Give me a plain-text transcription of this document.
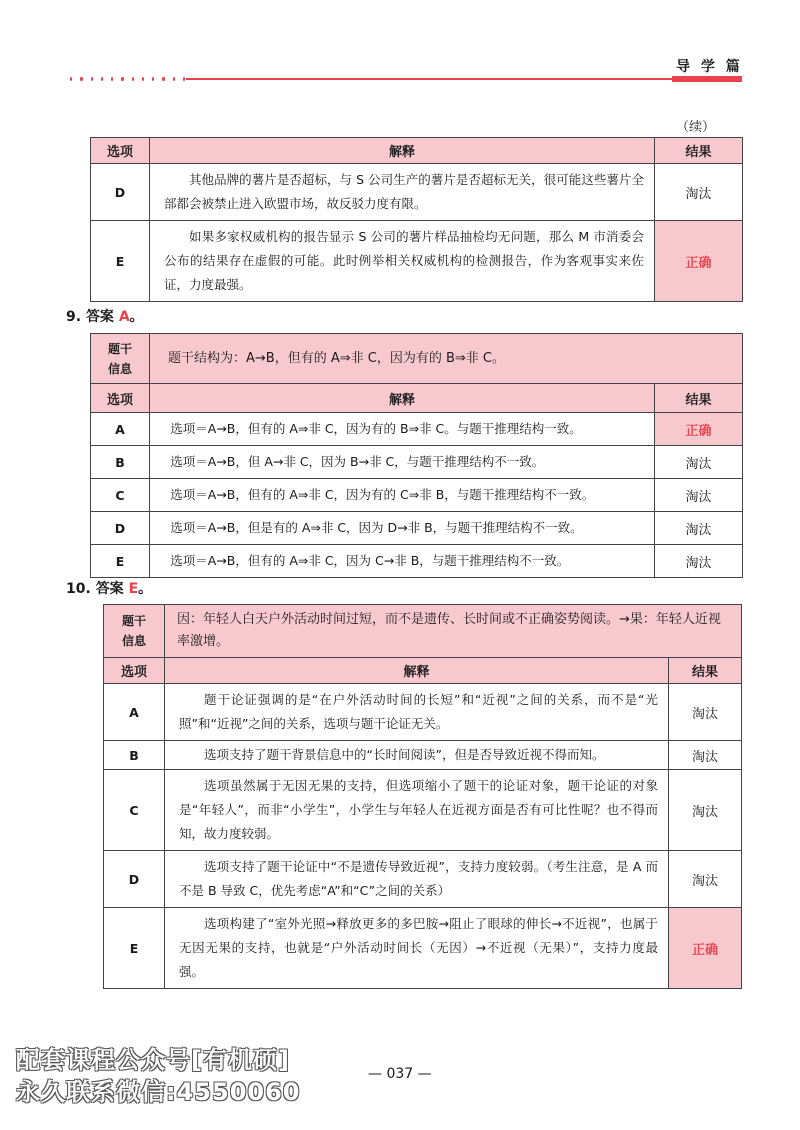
导 学 篇
（续）
选项	解释	结果
D	其他品牌的薯片是否超标，与 S 公司生产的薯片是否超标无关，很可能这些薯片全部都会被禁止进入欧盟市场，故反驳力度有限。	淘汰
E	如果多家权威机构的报告显示 S 公司的薯片样品抽检均无问题，那么 M 市消委会公布的结果存在虚假的可能。此时例举相关权威机构的检测报告，作为客观事实来佐证，力度最强。	正确
9. 答案 A。
题干信息	题干结构为：A→B，但有的 A⇒非 C，因为有的 B⇒非 C。	
选项	解释	结果
A	选项＝A→B，但有的 A⇒非 C，因为有的 B⇒非 C。与题干推理结构一致。	正确
B	选项＝A→B，但 A→非 C，因为 B→非 C，与题干推理结构不一致。	淘汰
C	选项＝A→B，但有的 A⇒非 C，因为有的 C⇒非 B，与题干推理结构不一致。	淘汰
D	选项＝A→B，但是有的 A⇒非 C，因为 D→非 B，与题干推理结构不一致。	淘汰
E	选项＝A→B，但有的 A⇒非 C，因为 C→非 B，与题干推理结构不一致。	淘汰
10. 答案 E。
题干信息	因：年轻人白天户外活动时间过短，而不是遗传、长时间或不正确姿势阅读。→果：年轻人近视率激增。	
选项	解释	结果
A	题干论证强调的是“在户外活动时间的长短”和“近视”之间的关系，而不是“光照”和“近视”之间的关系，选项与题干论证无关。	淘汰
B	选项支持了题干背景信息中的“长时间阅读”，但是否导致近视不得而知。	淘汰
C	选项虽然属于无因无果的支持，但选项缩小了题干的论证对象，题干论证的对象是“年轻人”，而非“小学生”，小学生与年轻人在近视方面是否有可比性呢？也不得而知，故力度较弱。	淘汰
D	选项支持了题干论证中“不是遗传导致近视”，支持力度较弱。（考生注意，是 A 而不是 B 导致 C，优先考虑“A”和“C”之间的关系）	淘汰
E	选项构建了“室外光照→释放更多的多巴胺→阻止了眼球的伸长→不近视”，也属于无因无果的支持，也就是“户外活动时间长（无因）→不近视（无果）”，支持力度最强。	正确
配套课程公众号[有机硕]
永久联系微信:4550060
— 037 —
